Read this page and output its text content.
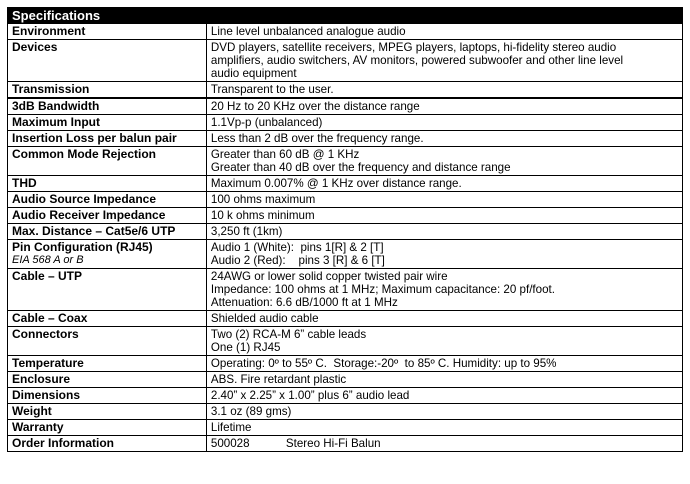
Specifications	
Environment	Line level unbalanced analogue audio

Devices	DVD players, satellite receivers, MPEG players, laptops, hi-fidelity stereo audio
amplifiers, audio switchers, AV monitors, powered subwoofer and other line level
audio equipment

Transmission	Transparent to the user.

3dB Bandwidth	20 Hz to 20 KHz over the distance range

Maximum Input	1.1Vp-p (unbalanced)

Insertion Loss per balun pair	Less than 2 dB over the frequency range.

Common Mode Rejection	Greater than 60 dB @ 1 KHz
Greater than 40 dB over the frequency and distance range

THD	Maximum 0.007% @ 1 KHz over distance range.

Audio Source Impedance	100 ohms maximum

Audio Receiver Impedance	10 k ohms minimum

Max. Distance – Cat5e/6 UTP	3,250 ft (1km)

Pin Configuration (RJ45)
EIA 568 A or B	Audio 1 (White):  pins 1[R] & 2 [T]
Audio 2 (Red):    pins 3 [R] & 6 [T]

Cable – UTP	24AWG or lower solid copper twisted pair wire
Impedance: 100 ohms at 1 MHz; Maximum capacitance: 20 pf/foot.
Attenuation: 6.6 dB/1000 ft at 1 MHz

Cable – Coax	Shielded audio cable

Connectors	Two (2) RCA-M 6” cable leads
One (1) RJ45

Temperature	Operating: 0º to 55º C.  Storage:-20º  to 85º C. Humidity: up to 95%

Enclosure	ABS. Fire retardant plastic

Dimensions	2.40” x 2.25” x 1.00” plus 6” audio lead

Weight	3.1 oz (89 gms)

Warranty	Lifetime

Order Information	500028 Stereo Hi-Fi Balun
